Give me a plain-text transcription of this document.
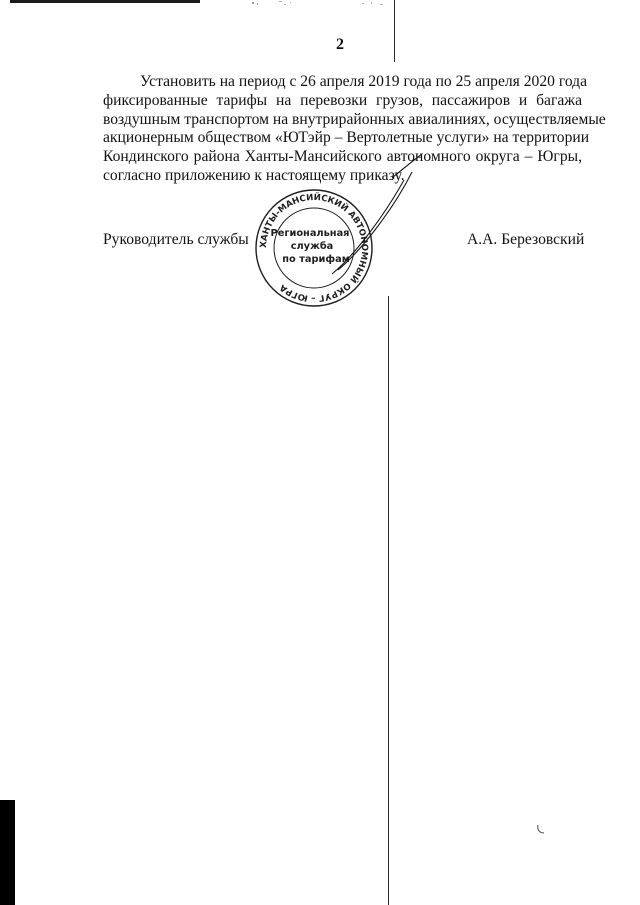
2
Установить на период с 26 апреля 2019 года по 25 апреля 2020 года
фиксированные тарифы на перевозки грузов, пассажиров и багажа
воздушным транспортом на внутрирайонных авиалиниях, осуществляемые
акционерным обществом «ЮТэйр – Вертолетные услуги» на территории
Кондинского района Ханты-Мансийского автономного округа – Югры,
согласно приложению к настоящему приказу.
Руководитель службы	А.А. Березовский
ХАНТЫ-МАНСИЙСКИЙ АВТОНОМНЫЙ ОКРУГ – ЮГРА
Региональная
служба
по тарифам
